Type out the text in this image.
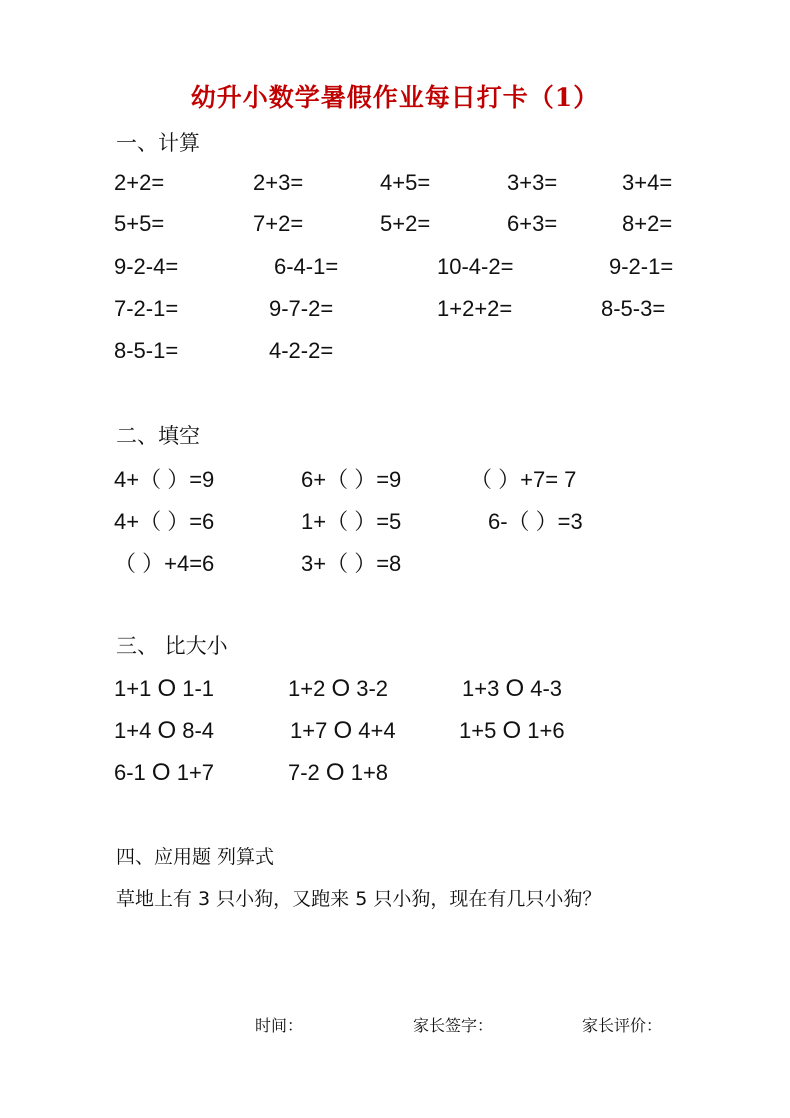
幼升小数学暑假作业每日打卡（1）
一、计算
2+2=	2+3=	4+5=	3+3=	3+4=
5+5=	7+2=	5+2=	6+3=	8+2=
9-2-4=	6-4-1=	10-4-2=	9-2-1=
7-2-1=	9-7-2=	1+2+2=	8-5-3=
8-5-1=	4-2-2=
二、填空
4+（ ）=9	6+（ ）=9	（ ）+7= 7
4+（ ）=6	1+（ ）=5	6-（ ）=3
（ ）+4=6	3+（ ）=8
三、 比大小
1+1 O 1-1	1+2 O 3-2	1+3 O 4-3
1+4 O 8-4	1+7 O 4+4	1+5 O 1+6
6-1 O 1+7	7-2 O 1+8
四、应用题 列算式
草地上有 3 只小狗，又跑来 5 只小狗，现在有几只小狗？
时间：	家长签字：	家长评价：
